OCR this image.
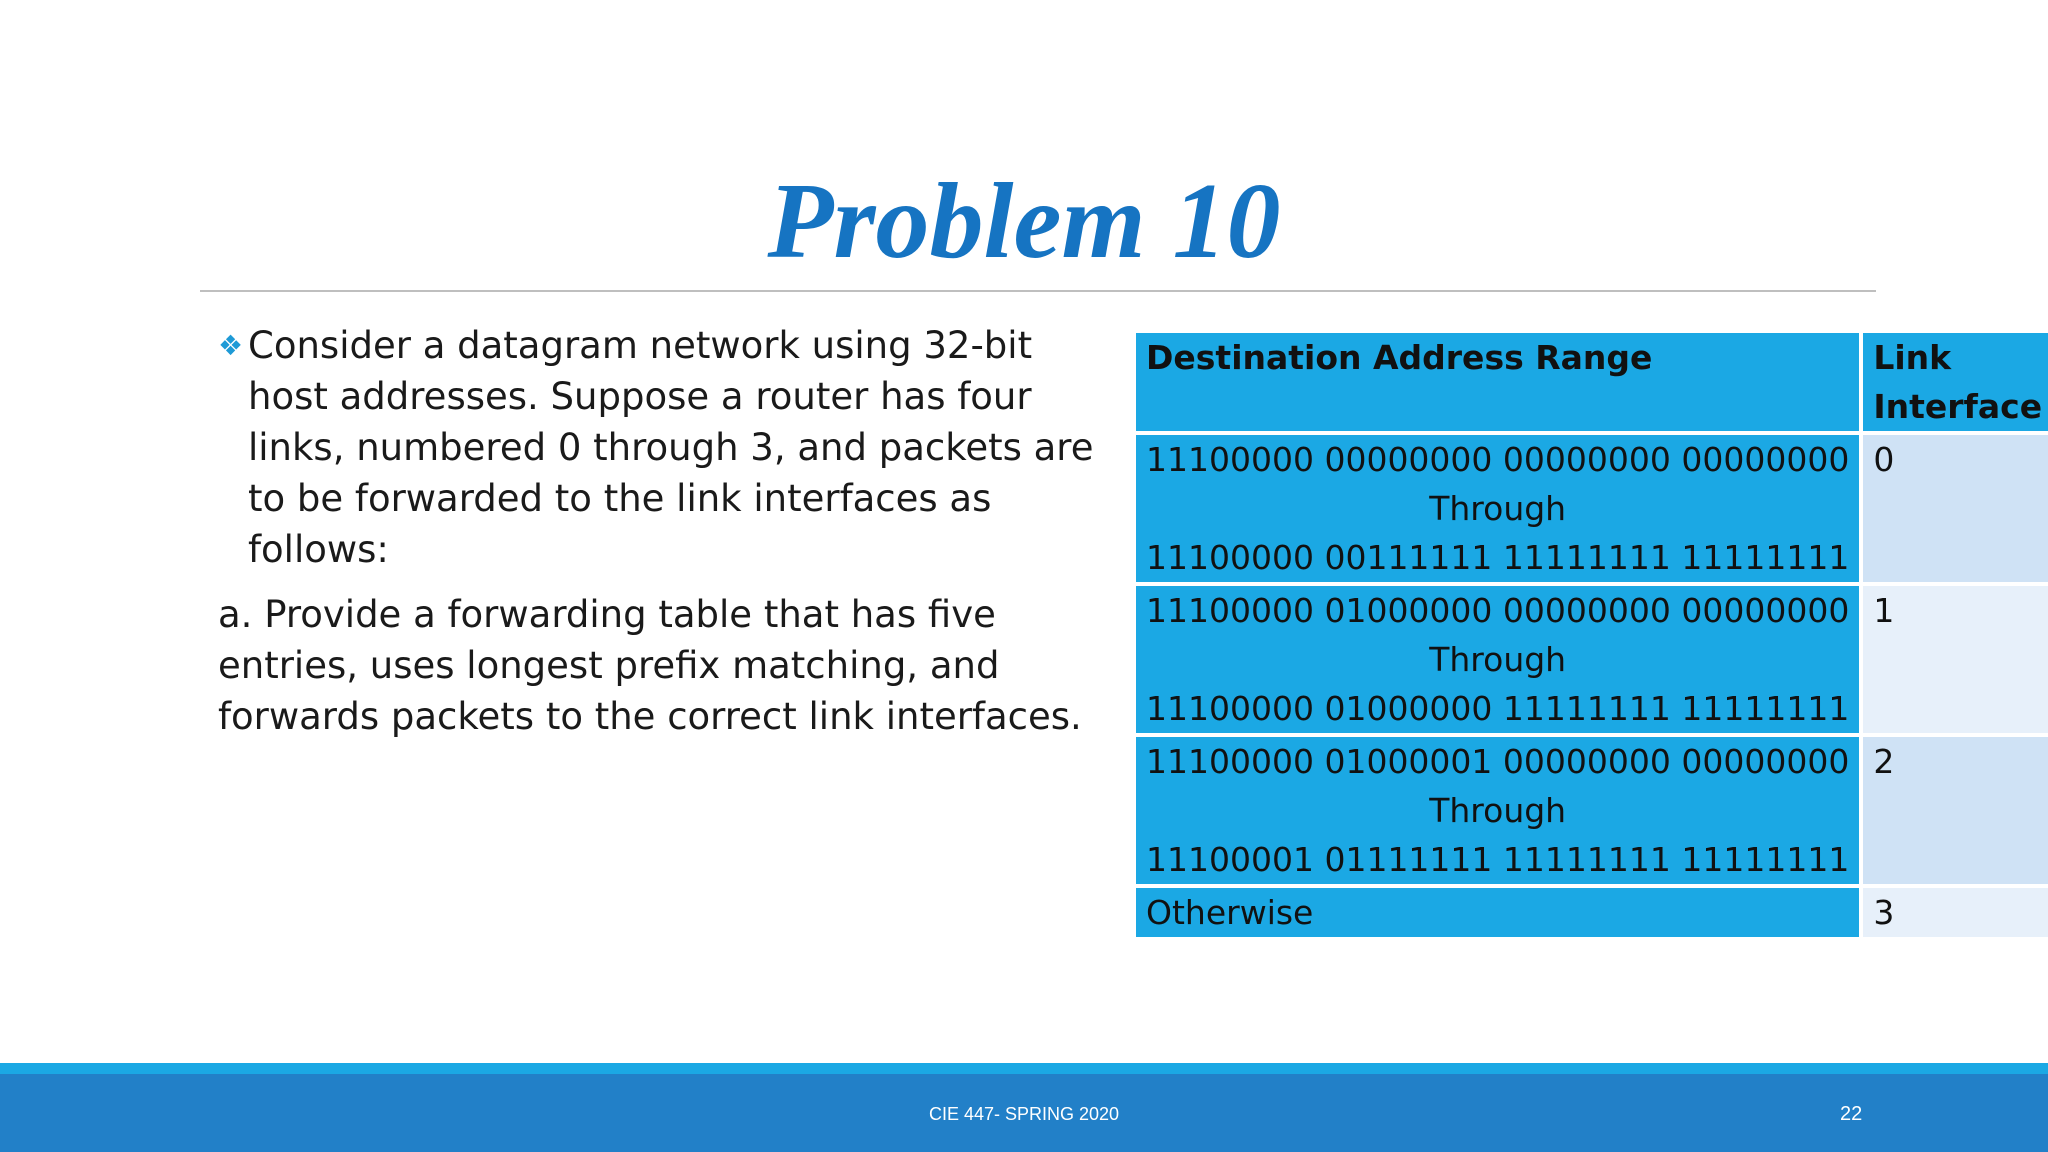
Problem 10

❖ Consider a datagram network using 32-bit host addresses. Suppose a router has four links, numbered 0 through 3, and packets are to be forwarded to the link interfaces as follows:

a. Provide a forwarding table that has five entries, uses longest prefix matching, and forwards packets to the correct link interfaces.

Destination Address Range	Link Interface

11100000 00000000 00000000 00000000
Through
11100000 00111111 11111111 11111111	0

11100000 01000000 00000000 00000000
Through
11100000 01000000 11111111 11111111	1

11100000 01000001 00000000 00000000
Through
11100001 01111111 11111111 11111111	2
Otherwise	3
CIE 447- SPRING 2020	22
